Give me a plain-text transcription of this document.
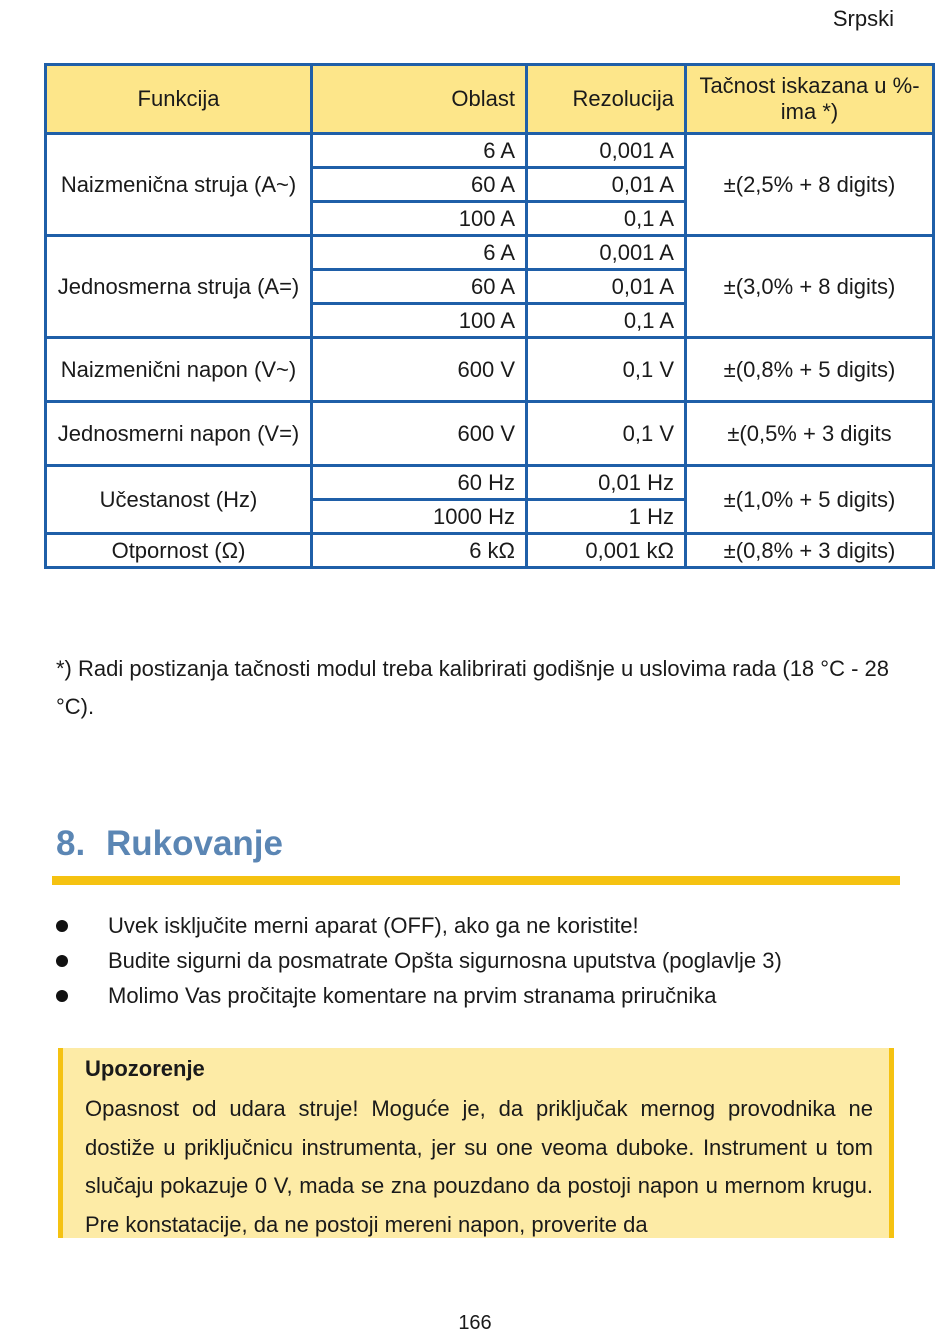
Srpski
Funkcija	Oblast	Rezolucija	Tačnost iskazana u %-ima *)
Naizmenična struja (A~)	6 A	0,001 A	±(2,5% + 8 digits)
	60 A	0,01 A	
	100 A	0,1 A	
Jednosmerna struja (A=)	6 A	0,001 A	±(3,0% + 8 digits)
	60 A	0,01 A	
	100 A	0,1 A	
Naizmenični napon (V~)	600 V	0,1 V	±(0,8% + 5 digits)
Jednosmerni napon (V=)	600 V	0,1 V	±(0,5% + 3 digits
Učestanost (Hz)	60 Hz	0,01 Hz	±(1,0% + 5 digits)
	1000 Hz	1 Hz	
Otpornost (Ω)	6 kΩ	0,001 kΩ	±(0,8% + 3 digits)

*) Radi postizanja tačnosti modul treba kalibrirati godišnje u uslovima rada (18 °C - 28 °C).

8. Rukovanje
Uvek isključite merni aparat (OFF), ako ga ne koristite!
Budite sigurni da posmatrate Opšta sigurnosna uputstva (poglavlje 3)
Molimo Vas pročitajte komentare na prvim stranama priručnika
Upozorenje

Opasnost od udara struje! Moguće je, da priključak mernog provodnika ne dostiže u priključnicu instrumenta, jer su one veoma duboke. Instrument u tom slučaju pokazuje 0 V, mada se zna pouzdano da postoji napon u mernom krugu. Pre konstatacije, da ne postoji mereni napon, proverite da

166
